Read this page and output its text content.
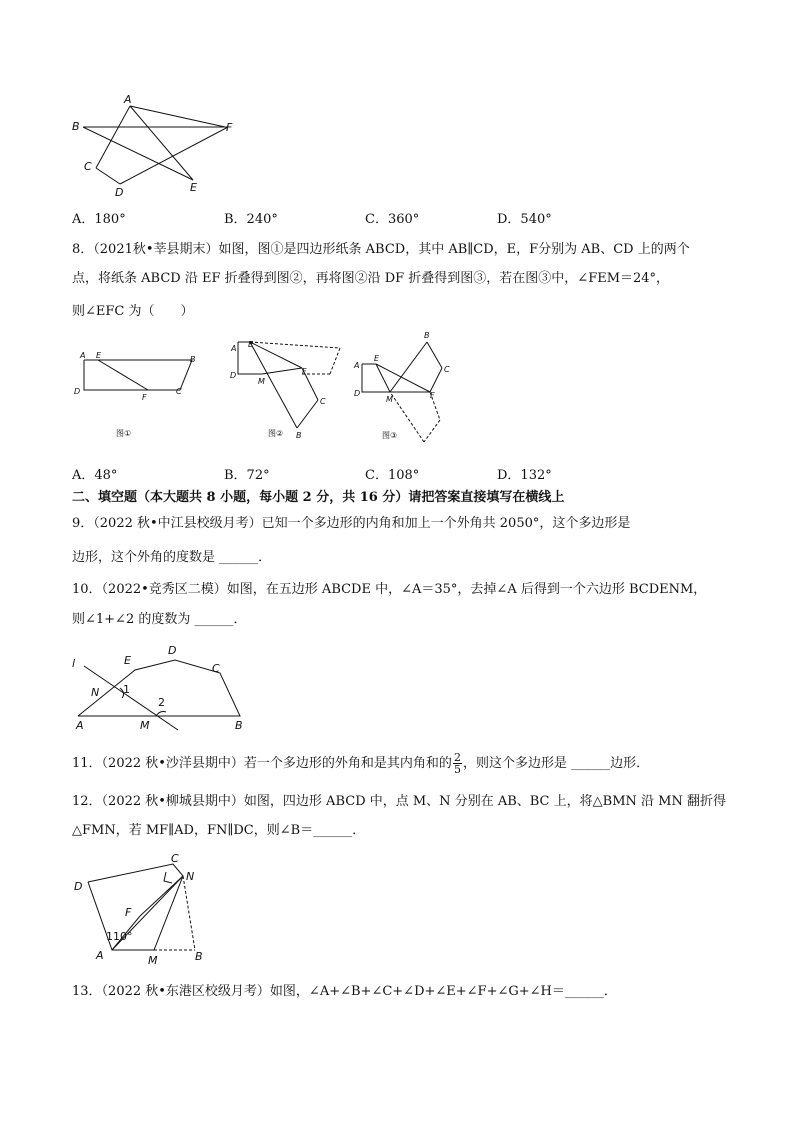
A
B
C
D	E
F
A．180°	B．240°	C．360°	D．540°
8．（2021秋•莘县期末）如图，图①是四边形纸条 ABCD，其中 AB∥CD，E，F分别为 AB、CD 上的两个
点，将纸条 ABCD 沿 EF 折叠得到图②，再将图②沿 DF 折叠得到图③，若在图③中，∠FEM＝24°，
则∠EFC 为（　　）
A E	B
D
F
C
图①
A E
D
M
F
C
B
图②
B
A
E
C
D
M	F
图③
A．48°	B．72°	C．108°	D．132°
二、填空题（本大题共 8 小题，每小题 2 分，共 16 分）请把答案直接填写在横线上
9．（2022 秋•中江县校级月考）已知一个多边形的内角和加上一个外角共 2050°，这个多边形是
边形，这个外角的度数是 ______．
10．（2022•竞秀区二模）如图，在五边形 ABCDE 中，∠A＝35°，去掉∠A 后得到一个六边形 BCDENM，
则∠1+∠2 的度数为 ______．
l	E
D
C
N 1
2
A	M	B
11．（2022 秋•沙洋县期中）若一个多边形的外角和是其内角和的 $\frac{2}{5}$ ，则这个多边形是 ______边形．
12．（2022 秋•柳城县期中）如图，四边形 ABCD 中，点 M、N 分别在 AB、BC 上，将△BMN 沿 MN 翻折得
△FMN，若 MF∥AD，FN∥DC，则∠B＝______．
C
D
F
N
110°
A	M	B
13．（2022 秋•东港区校级月考）如图，∠A+∠B+∠C+∠D+∠E+∠F+∠G+∠H＝______．
